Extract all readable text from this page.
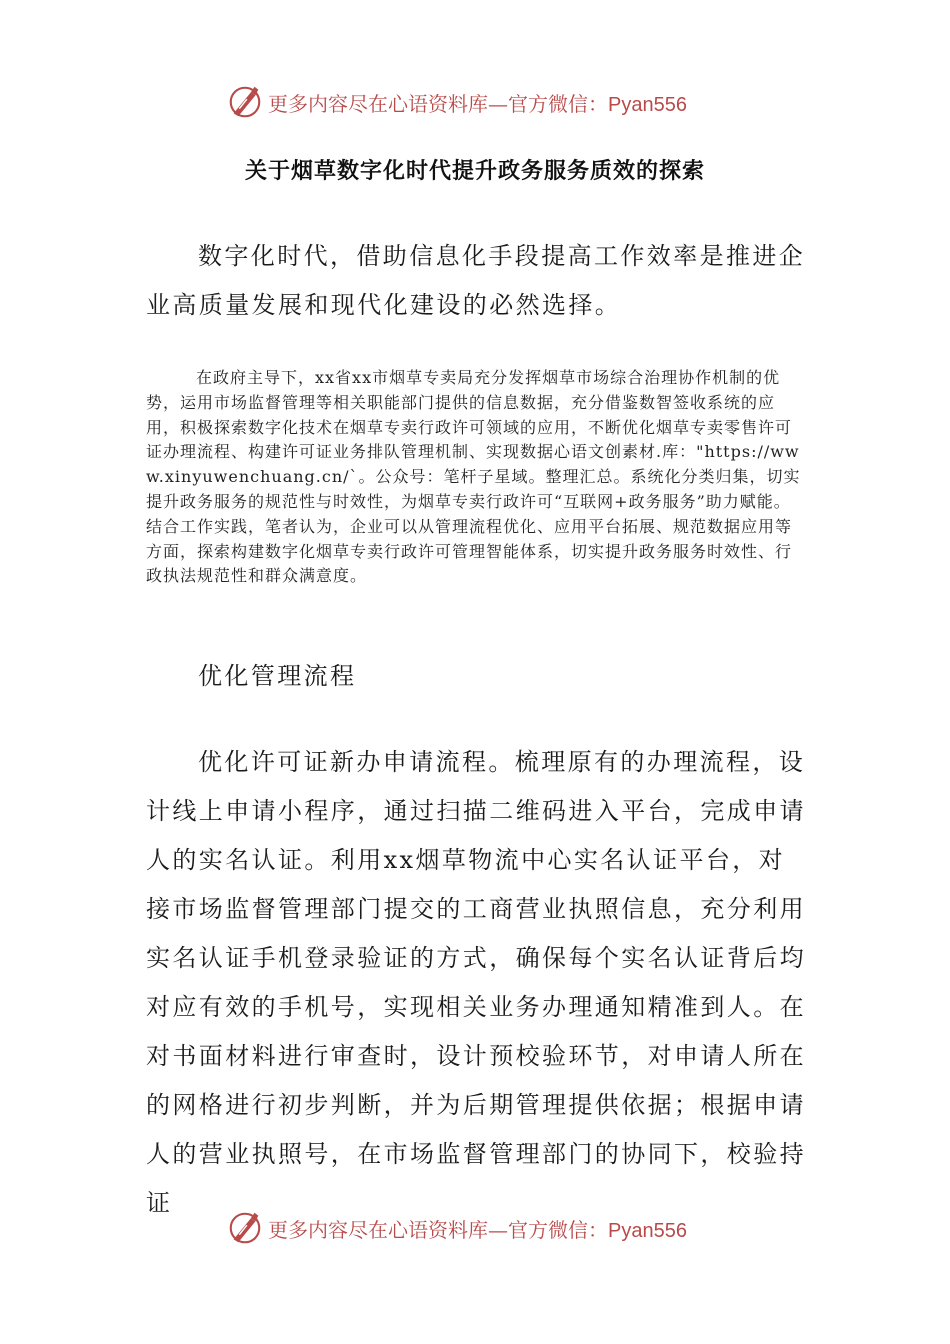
更多内容尽在心语资料库—官方微信：Pyan556
关于烟草数字化时代提升政务服务质效的探索

数字化时代，借助信息化手段提高工作效率是推进企业高质量发展和现代化建设的必然选择。

在政府主导下，xx省xx市烟草专卖局充分发挥烟草市场综合治理协作机制的优势，运用市场监督管理等相关职能部门提供的信息数据，充分借鉴数智签收系统的应用，积极探索数字化技术在烟草专卖行政许可领域的应用，不断优化烟草专卖零售许可证办理流程、构建许可证业务排队管理机制、实现数据心语文创素材.库："https://www.xinyuwenchuang.cn/`。公众号：笔杆子星域。整理汇总。系统化分类归集，切实提升政务服务的规范性与时效性，为烟草专卖行政许可“互联网+政务服务”助力赋能。结合工作实践，笔者认为，企业可以从管理流程优化、应用平台拓展、规范数据应用等方面，探索构建数字化烟草专卖行政许可管理智能体系，切实提升政务服务时效性、行政执法规范性和群众满意度。

优化管理流程

优化许可证新办申请流程。梳理原有的办理流程，设计线上申请小程序，通过扫描二维码进入平台，完成申请人的实名认证。利用xx烟草物流中心实名认证平台，对接市场监督管理部门提交的工商营业执照信息，充分利用实名认证手机登录验证的方式，确保每个实名认证背后均对应有效的手机号，实现相关业务办理通知精准到人。在对书面材料进行审查时，设计预校验环节，对申请人所在的网格进行初步判断，并为后期管理提供依据；根据申请人的营业执照号，在市场监督管理部门的协同下，校验持证

更多内容尽在心语资料库—官方微信：Pyan556
